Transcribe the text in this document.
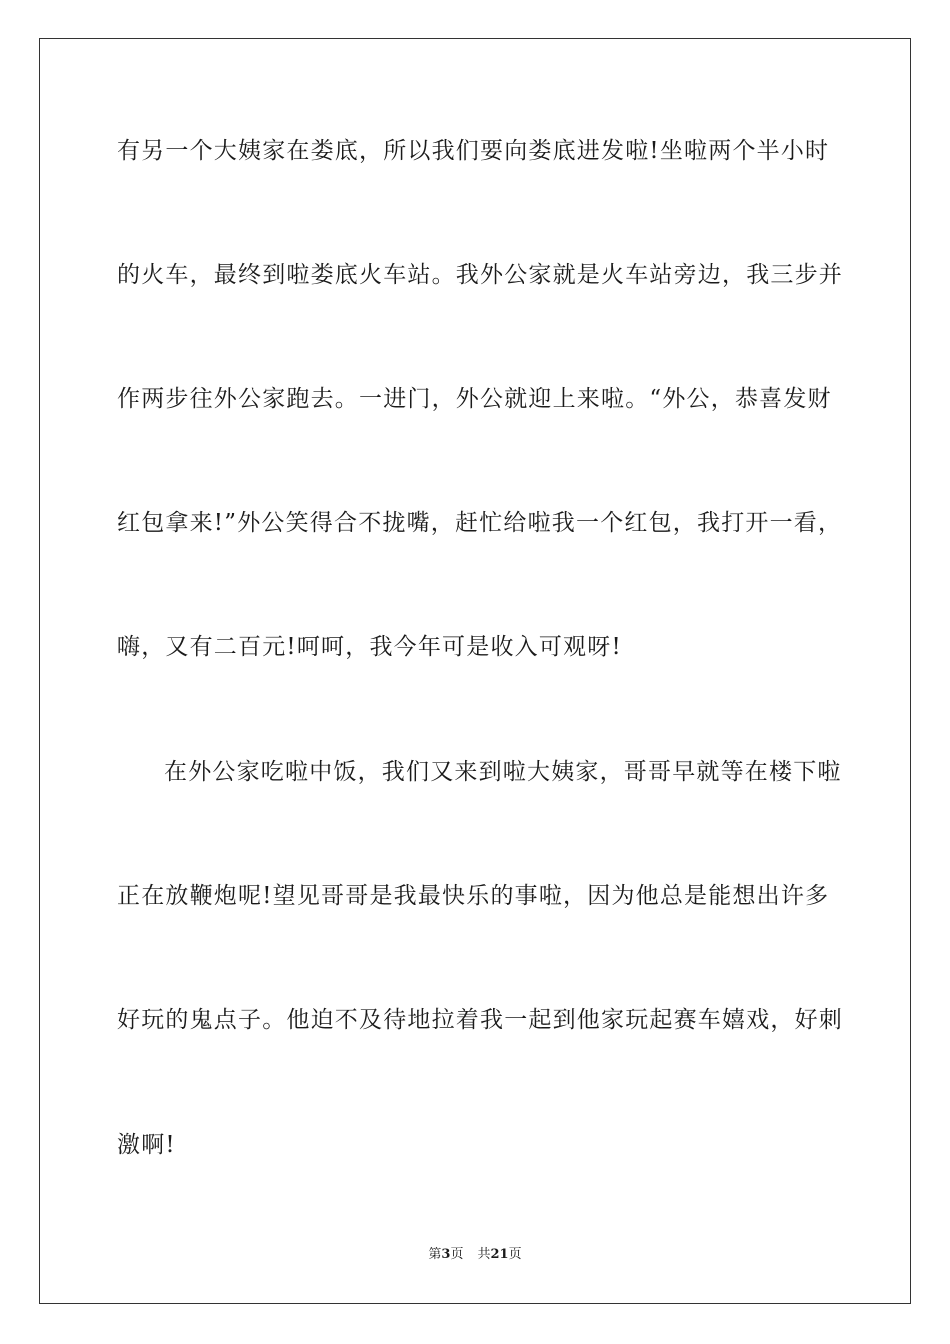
有另一个大姨家在娄底，所以我们要向娄底进发啦!坐啦两个半小时
的火车，最终到啦娄底火车站。我外公家就是火车站旁边，我三步并
作两步往外公家跑去。一进门，外公就迎上来啦。“外公，恭喜发财
红包拿来!”外公笑得合不拢嘴，赶忙给啦我一个红包，我打开一看，
嗨，又有二百元!呵呵，我今年可是收入可观呀!
在外公家吃啦中饭，我们又来到啦大姨家，哥哥早就等在楼下啦
正在放鞭炮呢!望见哥哥是我最快乐的事啦，因为他总是能想出许多
好玩的鬼点子。他迫不及待地拉着我一起到他家玩起赛车嬉戏，好刺
激啊!
第3页 共21页
